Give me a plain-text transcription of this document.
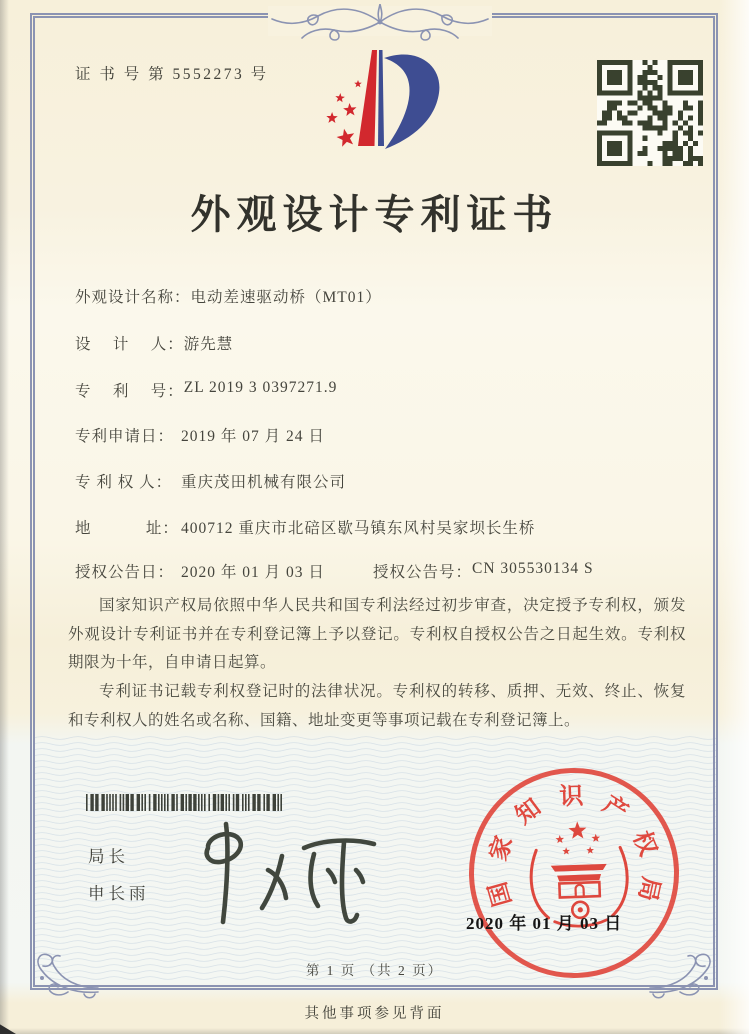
证 书 号 第 5552273 号
外观设计专利证书
外观设计名称： 电动差速驱动桥（MT01）
设　 计　 人： 游先慧
专　 利　 号： ZL 2019 3 0397271.9
专利申请日： 2019 年 07 月 24 日
专 利 权 人： 重庆茂田机械有限公司
地　　　 址： 400712 重庆市北碚区歇马镇东风村吴家坝长生桥
授权公告日： 2020 年 01 月 03 日	授权公告号： CN 305530134 S

国家知识产权局依照中华人民共和国专利法经过初步审查，决定授予专利权，颁发外观设计专利证书并在专利登记簿上予以登记。专利权自授权公告之日起生效。专利权期限为十年，自申请日起算。

专利证书记载专利权登记时的法律状况。专利权的转移、质押、无效、终止、恢复和专利权人的姓名或名称、国籍、地址变更等事项记载在专利登记簿上。

局长
申长雨	国
家
知 识 产
权
局
2020 年 01 月 03 日
第 1 页 （共 2 页）
其他事项参见背面
